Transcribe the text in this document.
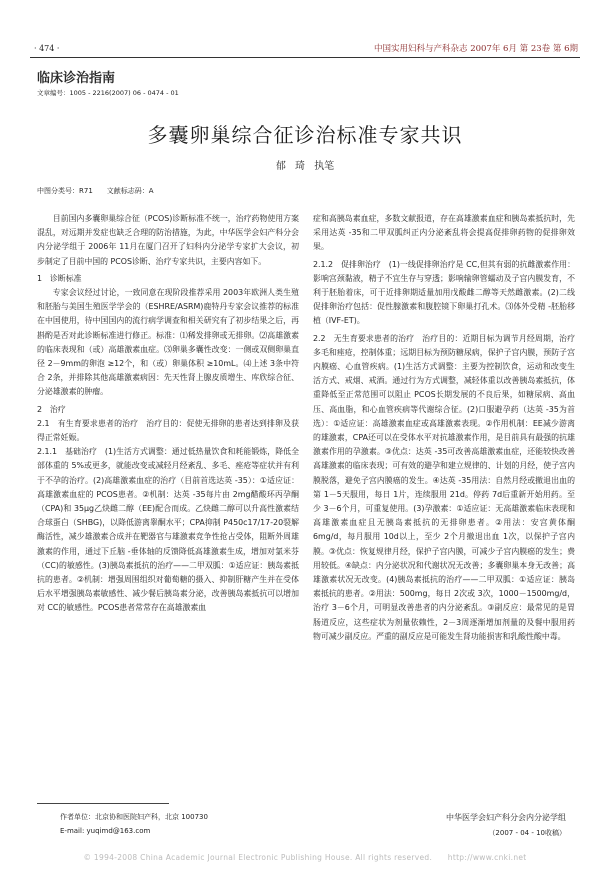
· 474 ·	中国实用妇科与产科杂志 2007年 6月 第 23卷 第 6期
临床诊治指南
文章编号：1005 - 2216(2007) 06 - 0474 - 01
多囊卵巢综合征诊治标准专家共识
郁 琦 执笔
中图分类号：R71　　文献标志码：A

目前国内多囊卵巢综合征（PCOS)诊断标准不统一，治疗药物使用方案混乱，对远期并发症也缺乏合理的防治措施，为此，中华医学会妇产科分会内分泌学组于 2006年 11月在厦门召开了妇科内分泌学专家扩大会议，初步制定了目前中国的 PCOS诊断、治疗专家共识，主要内容如下。

1　诊断标准

专家会议经过讨论，一致同意在现阶段推荐采用 2003年欧洲人类生殖和胚胎与美国生殖医学学会的（ESHRE/ASRM)鹿特丹专家会议推荐的标准在中国使用，待中国国内的流行病学调查和相关研究有了初步结果之后，再斟酌是否对此诊断标准进行修正。标准：⑴稀发排卵或无排卵。⑵高雄激素的临床表现和（或）高雄激素血症。⑶卵巢多囊性改变：一侧或双侧卵巢直径 2－9mm的卵泡 ≥12个，和（或）卵巢体积 ≥10mL。⑷上述 3条中符合 2条，并排除其他高雄激素病因：先天性肾上腺皮质增生、库欣综合征、分泌雄激素的肿瘤。

2　治疗

2.1　有生育要求患者的治疗　治疗目的：促使无排卵的患者达到排卵及获得正常妊娠。

2.1.1　基础治疗　(1)生活方式调整：通过低热量饮食和耗能锻炼，降低全部体重的 5%或更多，就能改变或减轻月经紊乱、多毛、痤疮等症状并有利于不孕的治疗。(2)高雄激素血症的治疗（目前首选达英 -35）：①适应证：高雄激素血症的 PCOS患者。②机制：达英 -35每片由 2mg醋酸环丙孕酮（CPA)和 35μg乙炔雌二醇（EE)配合而成。乙炔雌二醇可以升高性激素结合球蛋白（SHBG)，以降低游离睾酮水平；CPA抑制 P450c17/17-20裂解酶活性，减少雄激素合成并在靶器官与雄激素竞争性抢占受体，阻断外周雄激素的作用，通过下丘脑 -垂体轴的反馈降低高雄激素生成，增加对氯米芬（CC)的敏感性。(3)胰岛素抵抗的治疗——二甲双胍：①适应证：胰岛素抵抗的患者。②机制：增强周围组织对葡萄糖的摄入、抑制肝糖产生并在受体后水平增强胰岛素敏感性、减少餐后胰岛素分泌，改善胰岛素抵抗可以增加对 CC的敏感性。PCOS患者常常存在高雄激素血

症和高胰岛素血症，多数文献报道，存在高雄激素血症和胰岛素抵抗时，先采用达英 -35和二甲双胍纠正内分泌紊乱将会提高促排卵药物的促排卵效果。

2.1.2　促排卵治疗　(1)一线促排卵治疗是 CC,但其有弱的抗雌激素作用：影响宫颈黏液，精子不宜生存与穿透；影响输卵管蠕动及子宫内膜发育，不利于胚胎着床，可于近排卵期适量加用戊酸雌二醇等天然雌激素。(2)二线促排卵治疗包括：促性腺激素和腹腔镜下卵巢打孔术。⑶体外受精 -胚胎移植（IVF-ET)。

2.2　无生育要求患者的治疗　治疗目的：近期目标为调节月经周期，治疗多毛和痤疮，控制体重；远期目标为预防糖尿病，保护子宫内膜，预防子宫内膜癌、心血管疾病。(1)生活方式调整：主要为控制饮食，运动和改变生活方式、戒烟、戒酒。通过行为方式调整，减轻体重以改善胰岛素抵抗，体重降低至正常范围可以阻止 PCOS长期发展的不良后果，如糖尿病、高血压、高血脂，和心血管疾病等代谢综合征。(2)口服避孕药（达英 -35为首选）：①适应证：高雄激素血症或高雄激素表现。②作用机制：EE减少游离的雄激素，CPA还可以在受体水平对抗雄激素作用，是目前具有最强的抗雄激素作用的孕激素。③优点：达英 -35可改善高雄激素血症，还能较快改善高雄激素的临床表现；可有效的避孕和建立规律的、计划的月经，使子宫内膜脱落，避免子宫内膜癌的发生。④达英 -35用法：自然月经或撤退出血的第 1－5天服用，每日 1片，连续服用 21d。停药 7d后重新开始用药。至少 3－6个月，可重复使用。(3)孕激素：①适应证：无高雄激素临床表现和高雄激素血症且无胰岛素抵抗的无排卵患者。②用法：安宫黄体酮 6mg/d，每月服用 10d以上，至少 2个月撤退出血 1次，以保护子宫内膜。③优点：恢复规律月经，保护子宫内膜，可减少子宫内膜癌的发生；费用较低。④缺点：内分泌状况和代谢状况无改善；多囊卵巢本身无改善；高雄激素状况无改变。(4)胰岛素抵抗的治疗——二甲双胍：①适应证：胰岛素抵抗的患者。②用法：500mg，每日 2次或 3次，1000－1500mg/d，治疗 3－6个月，可明显改善患者的内分泌紊乱。③副反应：最常见的是胃肠道反应，这些症状为剂量依赖性，2－3周逐渐增加剂量的及餐中服用药物可减少副反应。严重的副反应是可能发生肾功能损害和乳酸性酸中毒。

作者单位：北京协和医院妇产科，北京 100730
E-mail: yuqimd@163.com
中华医学会妇产科分会内分泌学组
（2007 - 04 - 10收稿）
© 1994-2008 China Academic Journal Electronic Publishing House. All rights reserved.　　http://www.cnki.net
